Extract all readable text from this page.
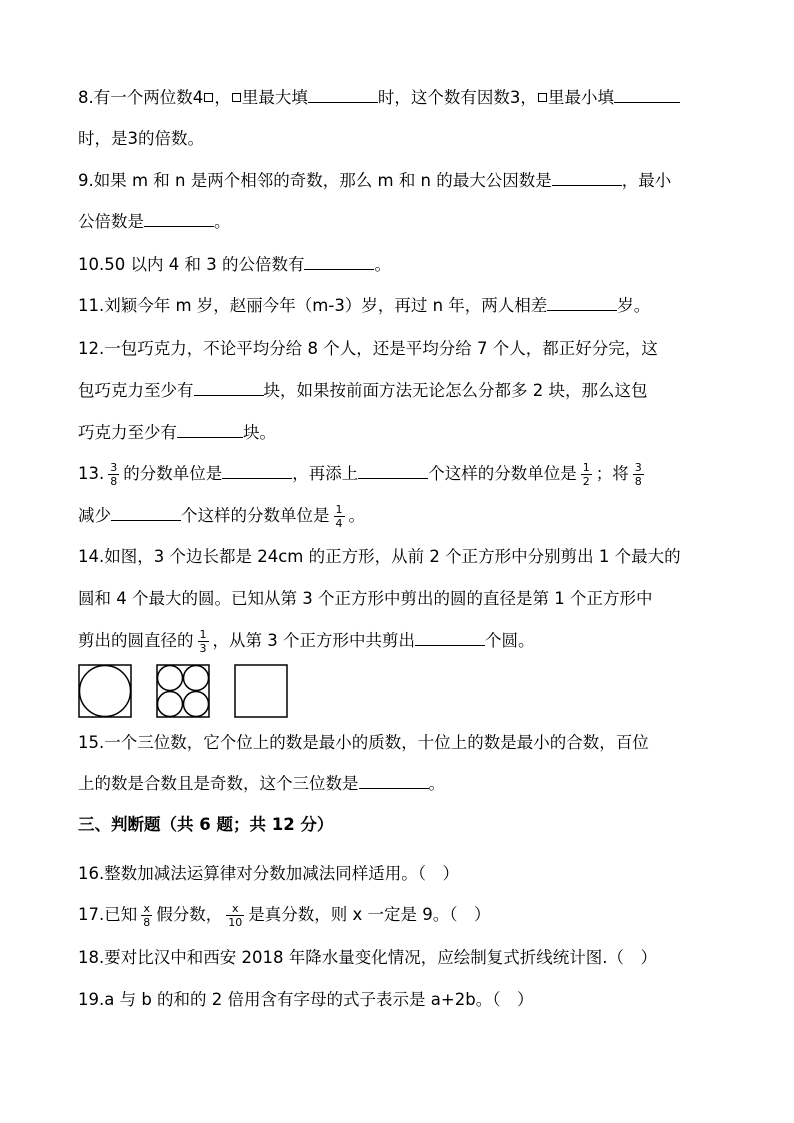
8.有一个两位数4 ， 里最大填	时，这个数有因数3， 里最小填
时，是3的倍数。
9.如果 m 和 n 是两个相邻的奇数，那么 m 和 n 的最大公因数是	，最小
公倍数是	。
10.50 以内 4 和 3 的公倍数有	。
11.刘颖今年 m 岁，赵丽今年（m-3）岁，再过 n 年，两人相差	岁。
12.一包巧克力，不论平均分给 8 个人，还是平均分给 7 个人，都正好分完，这
包巧克力至少有	块，如果按前面方法无论怎么分都多 2 块，那么这包
巧克力至少有	块。
13. $\frac{3}{8}$ 的分数单位是	，再添上	个这样的分数单位是 $\frac{1}{2}$ ；将 $\frac{3}{8}$
减少	个这样的分数单位是 $\frac{1}{4}$ 。
14.如图，3 个边长都是 24cm 的正方形，从前 2 个正方形中分别剪出 1 个最大的
圆和 4 个最大的圆。已知从第 3 个正方形中剪出的圆的直径是第 1 个正方形中
剪出的圆直径的 $\frac{1}{3}$ ，从第 3 个正方形中共剪出	个圆。
15.一个三位数，它个位上的数是最小的质数，十位上的数是最小的合数，百位
上的数是合数且是奇数，这个三位数是	。
三、判断题（共 6 题；共 12 分）
16.整数加减法运算律对分数加减法同样适用。（　）
17.已知 $\frac{x}{8}$ 假分数， $\frac{x}{10}$ 是真分数，则 x 一定是 9。（　）
18.要对比汉中和西安 2018 年降水量变化情况，应绘制复式折线统计图.（　）
19.a 与 b 的和的 2 倍用含有字母的式子表示是 a+2b。（　）
